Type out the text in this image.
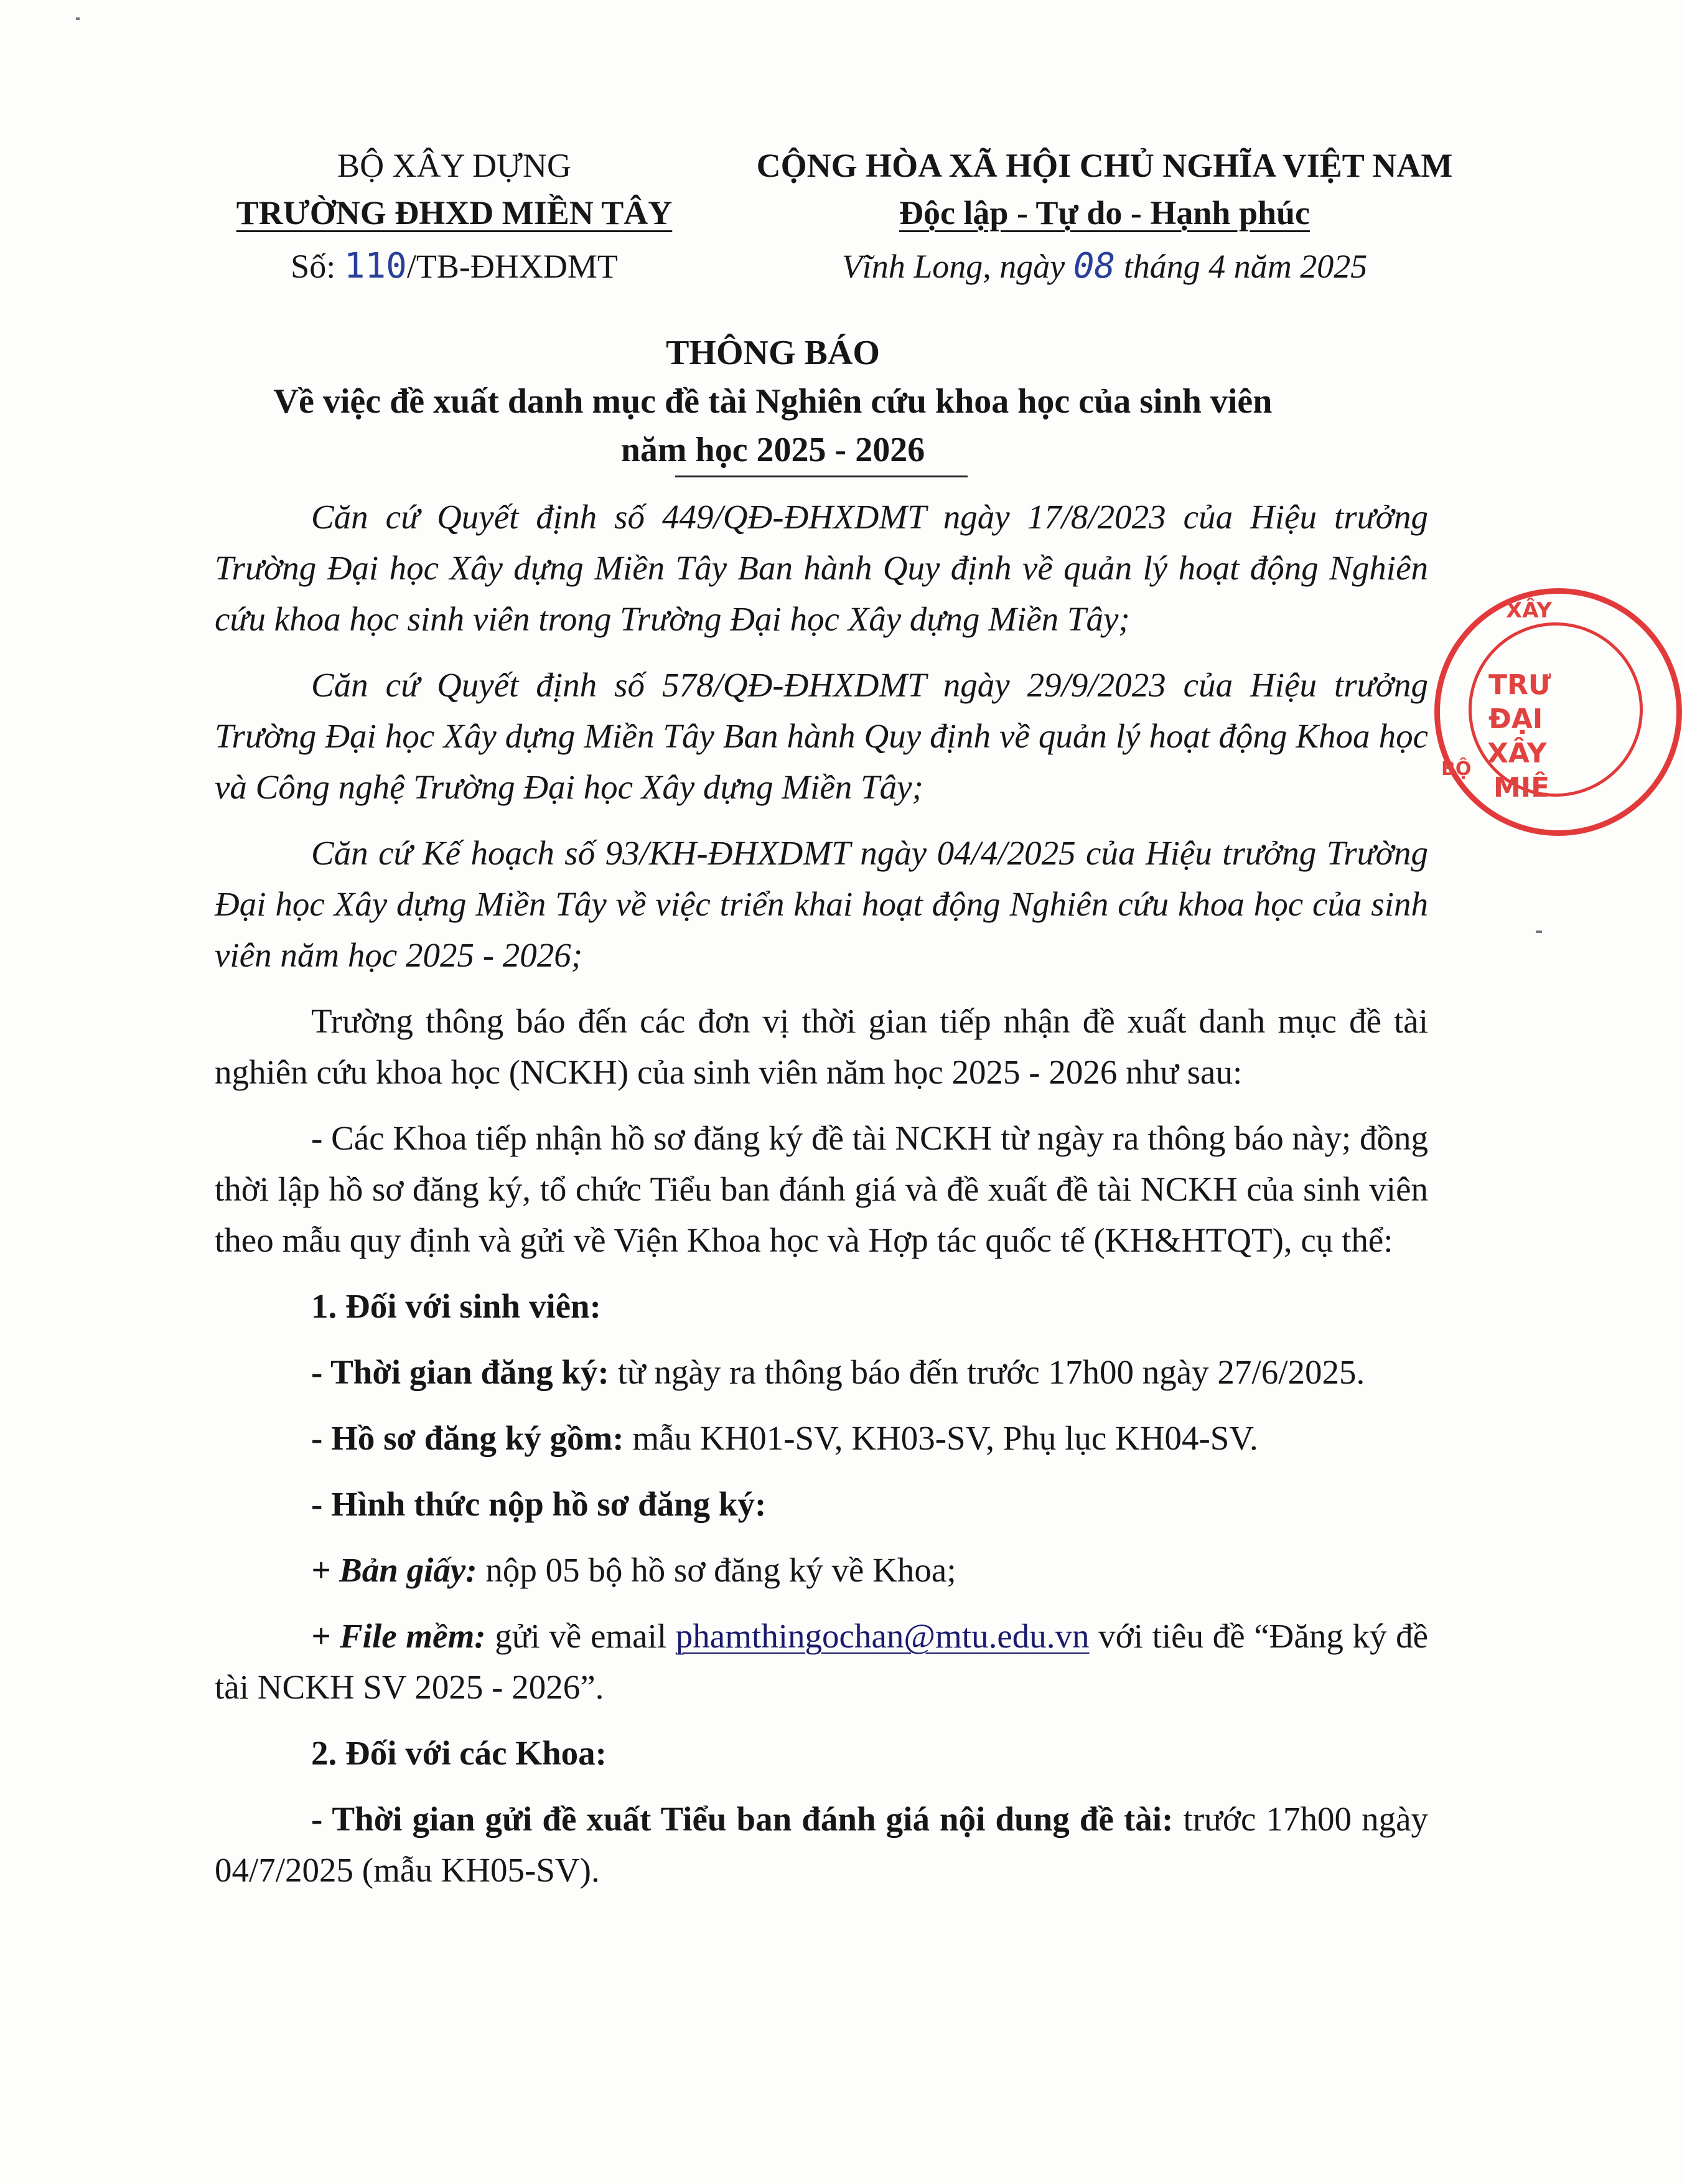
BỘ XÂY DỰNG
TRƯỜNG ĐHXD MIỀN TÂY
Số: 110/TB-ĐHXDMT
CỘNG HÒA XÃ HỘI CHỦ NGHĨA VIỆT NAM
Độc lập - Tự do - Hạnh phúc
Vĩnh Long, ngày 08 tháng 4 năm 2025
THÔNG BÁO
Về việc đề xuất danh mục đề tài Nghiên cứu khoa học của sinh viên
năm học 2025 - 2026

Căn cứ Quyết định số 449/QĐ-ĐHXDMT ngày 17/8/2023 của Hiệu trưởng Trường Đại học Xây dựng Miền Tây Ban hành Quy định về quản lý hoạt động Nghiên cứu khoa học sinh viên trong Trường Đại học Xây dựng Miền Tây;

Căn cứ Quyết định số 578/QĐ-ĐHXDMT ngày 29/9/2023 của Hiệu trưởng Trường Đại học Xây dựng Miền Tây Ban hành Quy định về quản lý hoạt động Khoa học và Công nghệ Trường Đại học Xây dựng Miền Tây;

Căn cứ Kế hoạch số 93/KH-ĐHXDMT ngày 04/4/2025 của Hiệu trưởng Trường Đại học Xây dựng Miền Tây về việc triển khai hoạt động Nghiên cứu khoa học của sinh viên năm học 2025 - 2026;

Trường thông báo đến các đơn vị thời gian tiếp nhận đề xuất danh mục đề tài nghiên cứu khoa học (NCKH) của sinh viên năm học 2025 - 2026 như sau:

- Các Khoa tiếp nhận hồ sơ đăng ký đề tài NCKH từ ngày ra thông báo này; đồng thời lập hồ sơ đăng ký, tổ chức Tiểu ban đánh giá và đề xuất đề tài NCKH của sinh viên theo mẫu quy định và gửi về Viện Khoa học và Hợp tác quốc tế (KH&HTQT), cụ thể:

1. Đối với sinh viên:

- Thời gian đăng ký: từ ngày ra thông báo đến trước 17h00 ngày 27/6/2025.

- Hồ sơ đăng ký gồm: mẫu KH01-SV, KH03-SV, Phụ lục KH04-SV.

- Hình thức nộp hồ sơ đăng ký:

+ Bản giấy: nộp 05 bộ hồ sơ đăng ký về Khoa;

+ File mềm: gửi về email phamthingochan@mtu.edu.vn với tiêu đề “Đăng ký đề tài NCKH SV 2025 - 2026”.

2. Đối với các Khoa:

- Thời gian gửi đề xuất Tiểu ban đánh giá nội dung đề tài: trước 17h00 ngày 04/7/2025 (mẫu KH05-SV).

XÂY
TRƯ
ĐẠI
XÂY
MIÊ
BỘ
